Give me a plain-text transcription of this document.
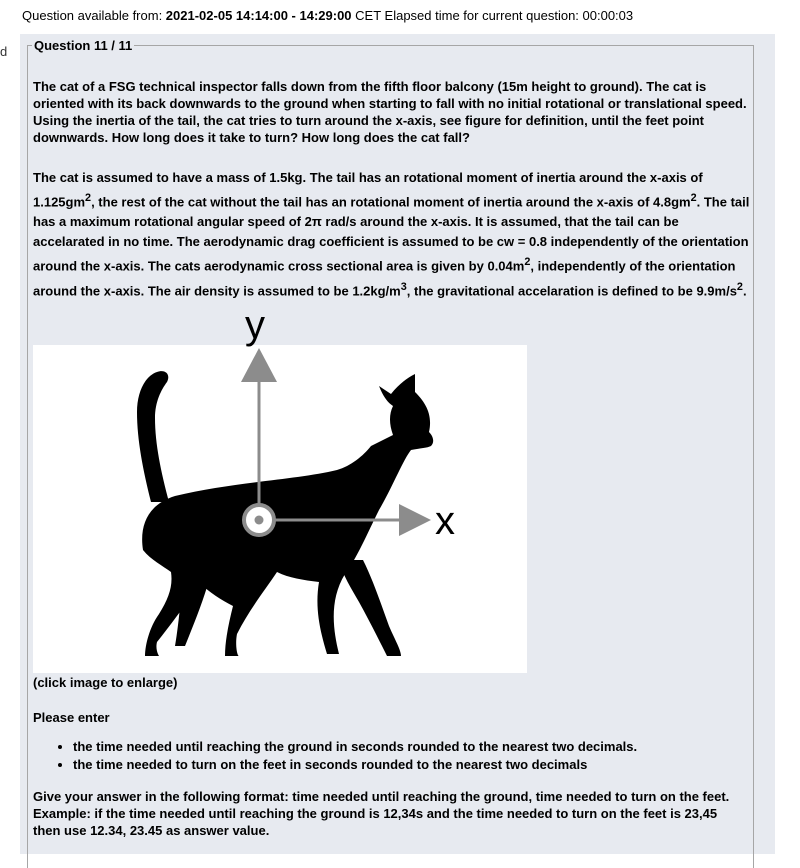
d
Question available from: 2021-02-05 14:14:00 - 14:29:00 CET Elapsed time for current question: 00:00:03
Question 11 / 11

The cat of a FSG technical inspector falls down from the fifth floor balcony (15m height to ground). The cat is oriented with its back downwards to the ground when starting to fall with no initial rotational or translational speed. Using the inertia of the tail, the cat tries to turn around the x-axis, see figure for definition, until the feet point downwards. How long does it take to turn? How long does the cat fall?

The cat is assumed to have a mass of 1.5kg. The tail has an rotational moment of inertia around the x-axis of $1.125gm^2$, the rest of the cat without the tail has an rotational moment of inertia around the x-axis of $4.8gm^2$. The tail has a maximum rotational angular speed of 2π rad/s around the x-axis. It is assumed, that the tail can be accelarated in no time. The aerodynamic drag coefficient is assumed to be cw = 0.8 independently of the orientation around the x-axis. The cats aerodynamic cross sectional area is given by $0.04m^2$, independently of the orientation around the x-axis. The air density is assumed to be $1.2kg/m^3$, the gravitational accelaration is defined to be $9.9m/s^2$.

y
x
(click image to enlarge)
Please enter
• the time needed until reaching the ground in seconds rounded to the nearest two decimals.
• the time needed to turn on the feet in seconds rounded to the nearest two decimals
Give your answer in the following format: time needed until reaching the ground, time needed to turn on the feet. Example: if the time needed until reaching the ground is 12,34s and the time needed to turn on the feet is 23,45 then use 12.34, 23.45 as answer value.
